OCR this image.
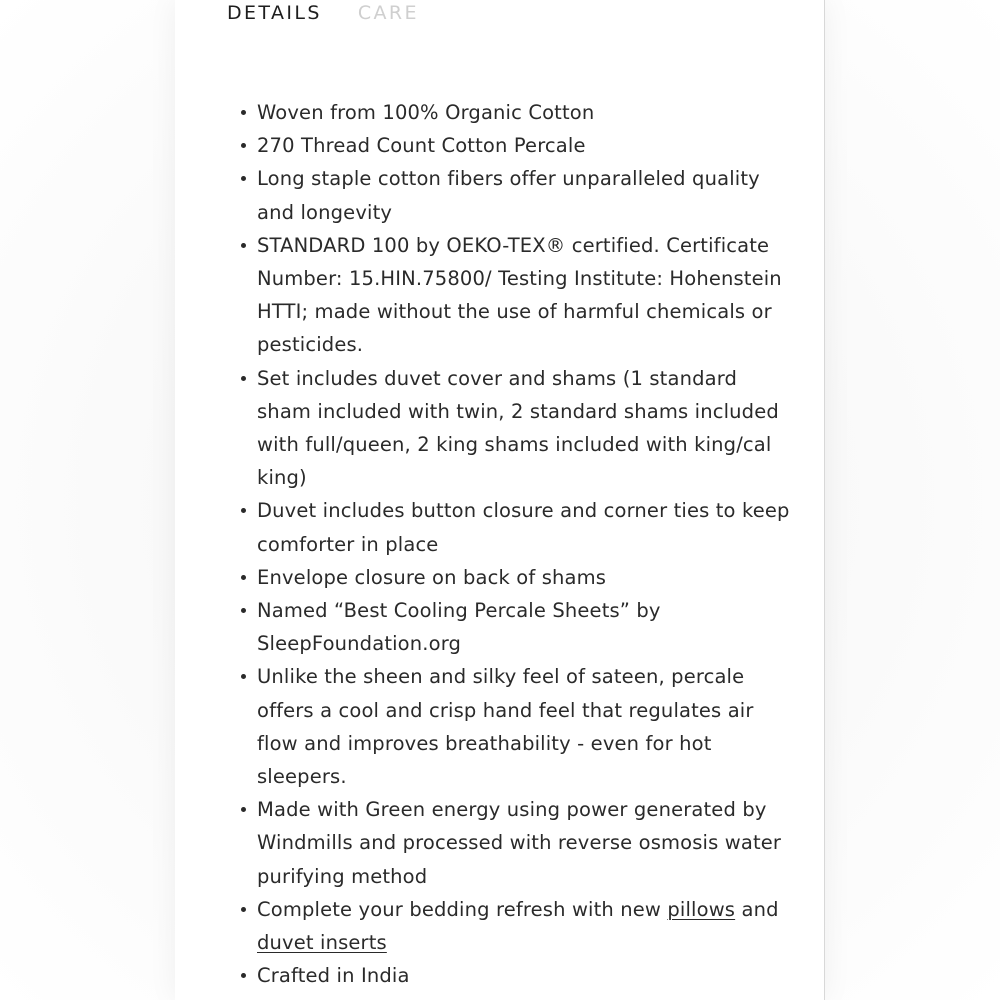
DETAILS CARE
Woven from 100% Organic Cotton
270 Thread Count Cotton Percale
Long staple cotton fibers offer unparalleled quality and longevity
STANDARD 100 by OEKO-TEX® certified. Certificate Number: 15.HIN.75800/ Testing Institute: Hohenstein HTTI; made without the use of harmful chemicals or pesticides.
Set includes duvet cover and shams (1 standard sham included with twin, 2 standard shams included with full/queen, 2 king shams included with king/cal king)
Duvet includes button closure and corner ties to keep comforter in place
Envelope closure on back of shams
Named “Best Cooling Percale Sheets” by SleepFoundation.org
Unlike the sheen and silky feel of sateen, percale offers a cool and crisp hand feel that regulates air flow and improves breathability - even for hot sleepers.
Made with Green energy using power generated by Windmills and processed with reverse osmosis water purifying method
Complete your bedding refresh with new pillows and duvet inserts
Crafted in India
